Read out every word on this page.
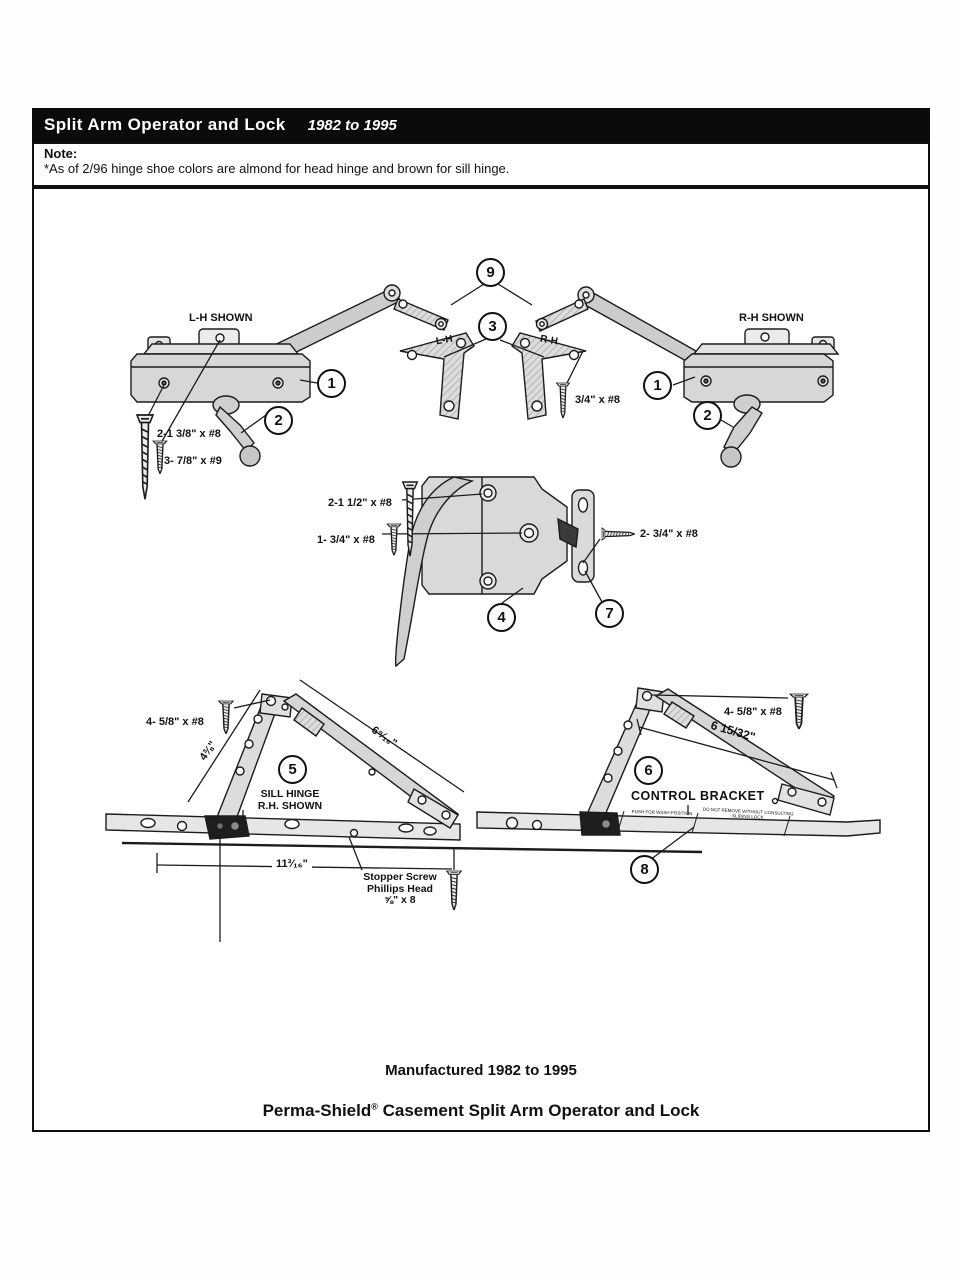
Split Arm Operator and Lock 1982 to 1995
Note:
*As of 2/96 hinge shoe colors are almond for head hinge and brown for sill hinge.
9
3
1
2
1
2
4	7
5	6
8
L-H SHOWN	R-H SHOWN
L-H	R-H
3/4" x #8
2-1 3/8" x #8
3- 7/8" x #9
2-1 1/2" x #8
1- 3/4" x #8	2- 3/4" x #8
4- 5/8" x #8
4- 5/8" x #8
4⅜"
6⁹⁄₁₆"	6 15/32"
11³⁄₁₆"
SILL HINGE
R.H. SHOWN
CONTROL BRACKET
Stopper Screw
Phillips Head
⅝" x 8
PUSH FOR WASH POSITION	DO NOT REMOVE WITHOUT CONSULTING SLIDING LOCK
Manufactured 1982 to 1995
Perma-Shield® Casement Split Arm Operator and Lock
